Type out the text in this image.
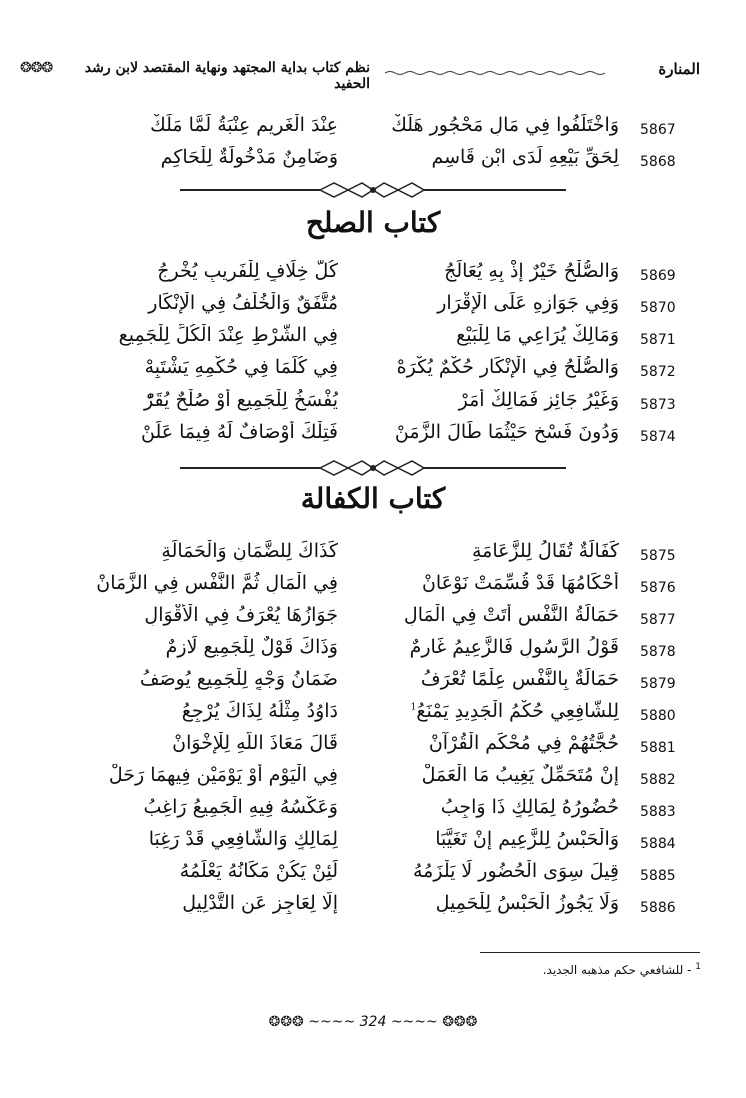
المنارة
نظم كتاب بداية المجتهد ونهاية المقتصد لابن رشد الحفيد
❂❂❂
5867
وَاخْتَلَفُوا فِي مَالِ مَحْجُورٍ هَلَكْ
عِنْدَ الْغَرِيمِ عِنْبَةُ لَمَّا مَلَكْ
5868
لِحَقِّ بَيْعِهِ لَدَى ابْنِ قَاسِمِ
وَضَامِنٌ مَدْخُولَةٌ لِلْحَاكِمِ
كتاب الصلح
5869
وَالصُّلْحُ خَيْرٌ إِذْ بِهِ يُعَالَجُ
كُلُّ خِلَافٍ لِلْفَرِيبِ يُخْرِجُ
5870
وَفِي جَوَازِهِ عَلَى الْإِقْرَارِ
مُتَّفَقٌ وَالْخُلْفُ فِي الْإِنْكَارِ
5871
وَمَالِكٌ يُرَاعِي مَا لِلْبَيْعِ
فِي الشَّرْطِ عِنْدَ الْكُلِّ لِلْجَمِيعِ
5872
وَالصُّلْحُ فِي الْإِنْكَارِ حُكْمٌ يُكْرَهْ
فِي كُلِّمَا فِي حُكْمِهِ يَشْتَبِهْ
5873
وَغَيْرُ جَائِزٍ فَمَالِكٌ أَمَرْ
يُفْسَخُ لِلْجَمِيعِ أَوْ صُلْحٌ يُقَرّْ
5874
وَدُونَ فَسْخٍ حَيْثُمَا طَالَ الزَّمَنْ
فَتِلْكَ أَوْصَافٌ لَهُ فِيمَا عَلَنْ
كتاب الكفالة
5875
كَفَالَةٌ تُقَالُ لِلزَّعَامَةِ
كَذَاكَ لِلضَّمَانِ وَالْحَمَالَةِ
5876
أَحْكَامُهَا قَدْ قُسِّمَتْ نَوْعَانْ
فِي الْمَالِ ثُمَّ النَّفْسِ فِي الزَّمَانْ
5877
حَمَالَةُ النَّفْسِ أَتَتْ فِي الْمَالِ
جَوَازُهَا يُعْرَفُ فِي الْأَقْوَالِ
5878
قَوْلُ الرَّسُولِ فَالزَّعِيمُ غَارِمٌ
وَذَاكَ قَوْلٌ لِلْجَمِيعِ لَازِمٌ
5879
حَمَالَةٌ بِالنَّفْسِ عِلْمًا تُعْرَفُ
ضَمَانُ وَجْهٍ لِلْجَمِيعِ يُوصَفُ
5880
لِلشَّافِعِي حُكْمُ الْجَدِيدِ يَمْنَعُ$^1$
دَاوُدُ مِثْلُهُ لِذَاكَ يُرْجِعُ
5881
حُجَّتُهُمْ فِي مُحْكَمِ الْقُرْآنْ
قَالَ مَعَاذَ اللَّهِ لِلْإِخْوَانْ
5882
إِنْ مُتَحَمِّلٌ يَغِيبُ مَا الْعَمَلْ
فِي الْيَوْمِ أَوْ يَوْمَيْنِ فِيهِمَا رَحَلْ
5883
حُضُورُهُ لِمَالِكٍ ذَا وَاجِبُ
وَعَكْسُهُ فِيهِ الْجَمِيعُ رَاغِبُ
5884
وَالْحَبْسُ لِلزَّعِيمِ إِنْ تَغَيَّبَا
لِمَالِكٍ وَالشَّافِعِي قَدْ رَغِبَا
5885
قِيلَ سِوَى الْحُضُورِ لَا يَلْزَمُهُ
لَئِنْ يَكُنْ مَكَانُهُ يَعْلَمُهُ
5886
وَلَا يَجُوزُ الْحَبْسُ لِلْحَمِيلِ
إِلَّا لِعَاجِزٍ عَنِ التَّدْلِيلِ
$^1$ - للشافعي حكم مذهبه الجديد.
❂❂❂ ~~~~ 324 ~~~~ ❂❂❂
